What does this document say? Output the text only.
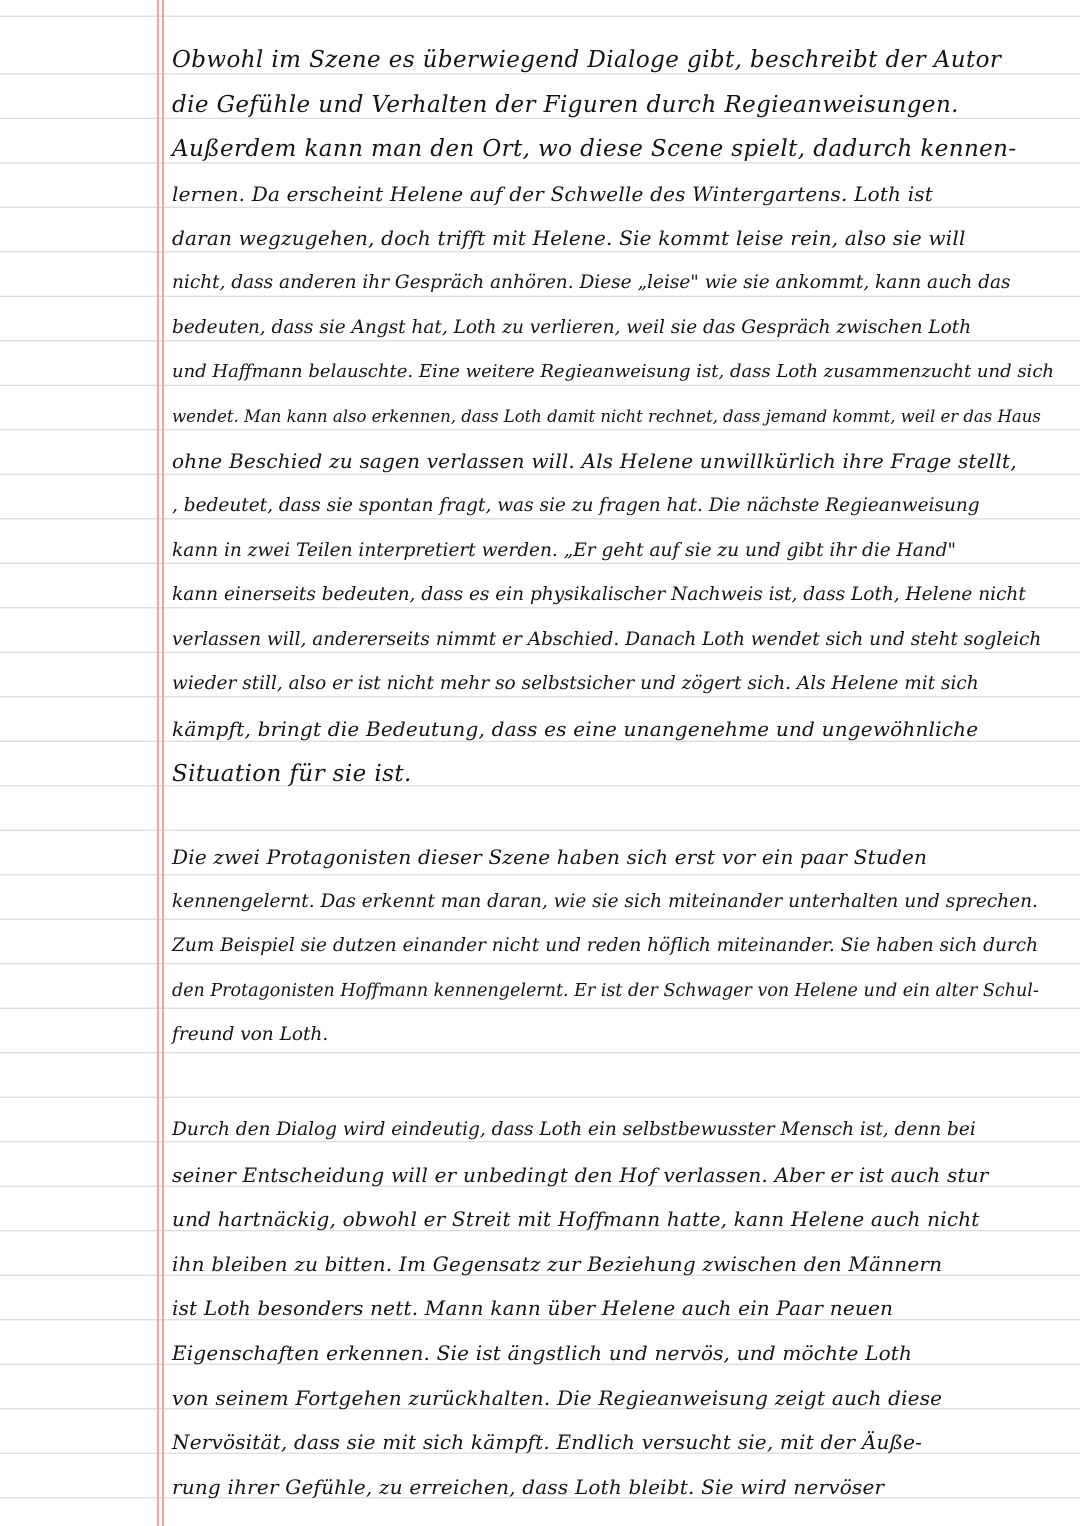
Obwohl im Szene es überwiegend Dialoge gibt, beschreibt der Autor
die Gefühle und Verhalten der Figuren durch Regieanweisungen.
Außerdem kann man den Ort, wo diese Scene spielt, dadurch kennen-
lernen. Da erscheint Helene auf der Schwelle des Wintergartens. Loth ist
daran wegzugehen, doch trifft mit Helene. Sie kommt leise rein, also sie will
nicht, dass anderen ihr Gespräch anhören. Diese „leise" wie sie ankommt, kann auch das
bedeuten, dass sie Angst hat, Loth zu verlieren, weil sie das Gespräch zwischen Loth
und Haffmann belauschte. Eine weitere Regieanweisung ist, dass Loth zusammenzucht und sich
wendet. Man kann also erkennen, dass Loth damit nicht rechnet, dass jemand kommt, weil er das Haus
ohne Beschied zu sagen verlassen will. Als Helene unwillkürlich ihre Frage stellt,
, bedeutet, dass sie spontan fragt, was sie zu fragen hat. Die nächste Regieanweisung
kann in zwei Teilen interpretiert werden. „Er geht auf sie zu und gibt ihr die Hand"
kann einerseits bedeuten, dass es ein physikalischer Nachweis ist, dass Loth, Helene nicht
verlassen will, andererseits nimmt er Abschied. Danach Loth wendet sich und steht sogleich
wieder still, also er ist nicht mehr so selbstsicher und zögert sich. Als Helene mit sich
kämpft, bringt die Bedeutung, dass es eine unangenehme und ungewöhnliche
Situation für sie ist.
Die zwei Protagonisten dieser Szene haben sich erst vor ein paar Studen
kennengelernt. Das erkennt man daran, wie sie sich miteinander unterhalten und sprechen.
Zum Beispiel sie dutzen einander nicht und reden höflich miteinander. Sie haben sich durch
den Protagonisten Hoffmann kennengelernt. Er ist der Schwager von Helene und ein alter Schul-
freund von Loth.
Durch den Dialog wird eindeutig, dass Loth ein selbstbewusster Mensch ist, denn bei
seiner Entscheidung will er unbedingt den Hof verlassen. Aber er ist auch stur
und hartnäckig, obwohl er Streit mit Hoffmann hatte, kann Helene auch nicht
ihn bleiben zu bitten. Im Gegensatz zur Beziehung zwischen den Männern
ist Loth besonders nett. Mann kann über Helene auch ein Paar neuen
Eigenschaften erkennen. Sie ist ängstlich und nervös, und möchte Loth
von seinem Fortgehen zurückhalten. Die Regieanweisung zeigt auch diese
Nervösität, dass sie mit sich kämpft. Endlich versucht sie, mit der Äuße-
rung ihrer Gefühle, zu erreichen, dass Loth bleibt. Sie wird nervöser
